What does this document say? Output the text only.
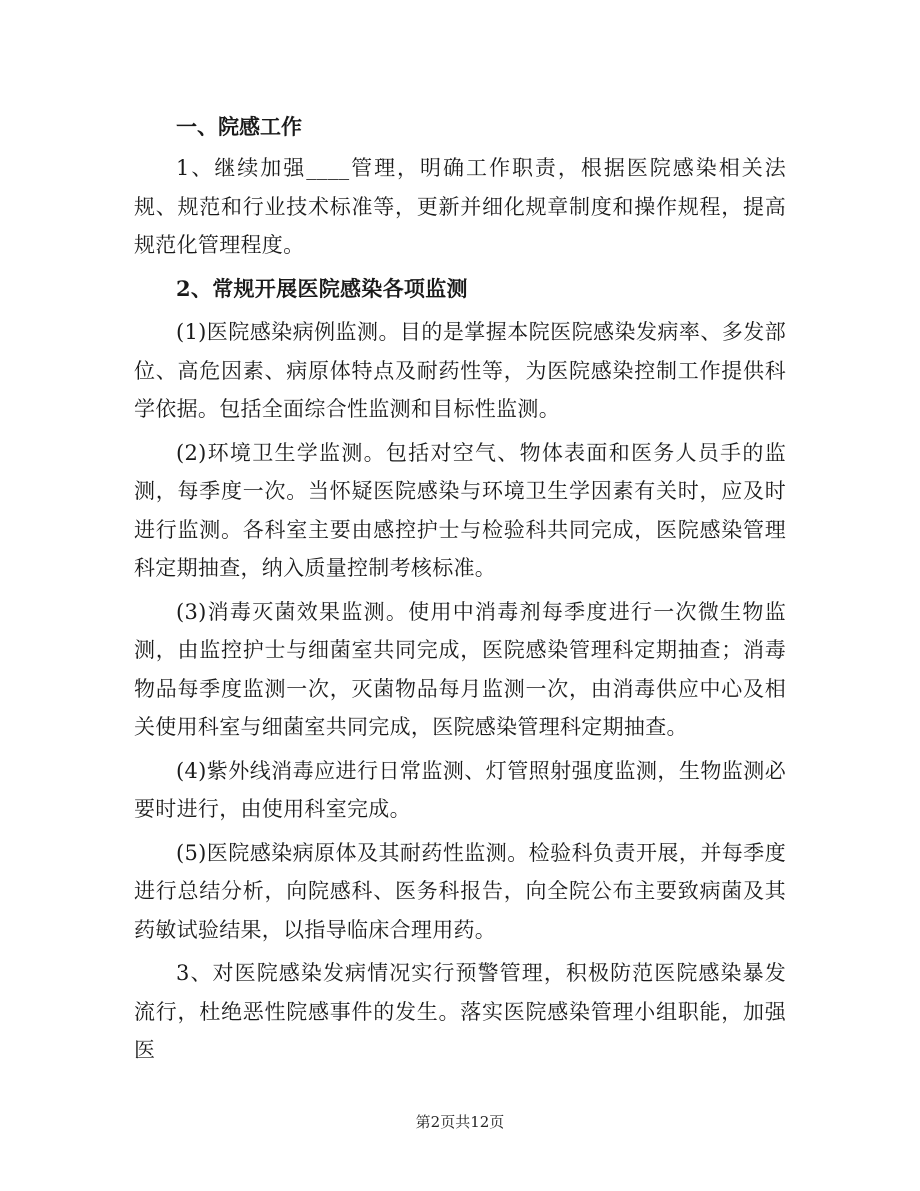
一、院感工作

1、继续加强____管理，明确工作职责，根据医院感染相关法规、规范和行业技术标准等，更新并细化规章制度和操作规程，提高规范化管理程度。

2、常规开展医院感染各项监测

(1)医院感染病例监测。目的是掌握本院医院感染发病率、多发部位、高危因素、病原体特点及耐药性等，为医院感染控制工作提供科学依据。包括全面综合性监测和目标性监测。

(2)环境卫生学监测。包括对空气、物体表面和医务人员手的监测，每季度一次。当怀疑医院感染与环境卫生学因素有关时，应及时进行监测。各科室主要由感控护士与检验科共同完成，医院感染管理科定期抽查，纳入质量控制考核标准。

(3)消毒灭菌效果监测。使用中消毒剂每季度进行一次微生物监测，由监控护士与细菌室共同完成，医院感染管理科定期抽查；消毒物品每季度监测一次，灭菌物品每月监测一次，由消毒供应中心及相关使用科室与细菌室共同完成，医院感染管理科定期抽查。

(4)紫外线消毒应进行日常监测、灯管照射强度监测，生物监测必要时进行，由使用科室完成。

(5)医院感染病原体及其耐药性监测。检验科负责开展，并每季度进行总结分析，向院感科、医务科报告，向全院公布主要致病菌及其药敏试验结果，以指导临床合理用药。

3、对医院感染发病情况实行预警管理，积极防范医院感染暴发流行，杜绝恶性院感事件的发生。落实医院感染管理小组职能，加强医

第2页共12页
